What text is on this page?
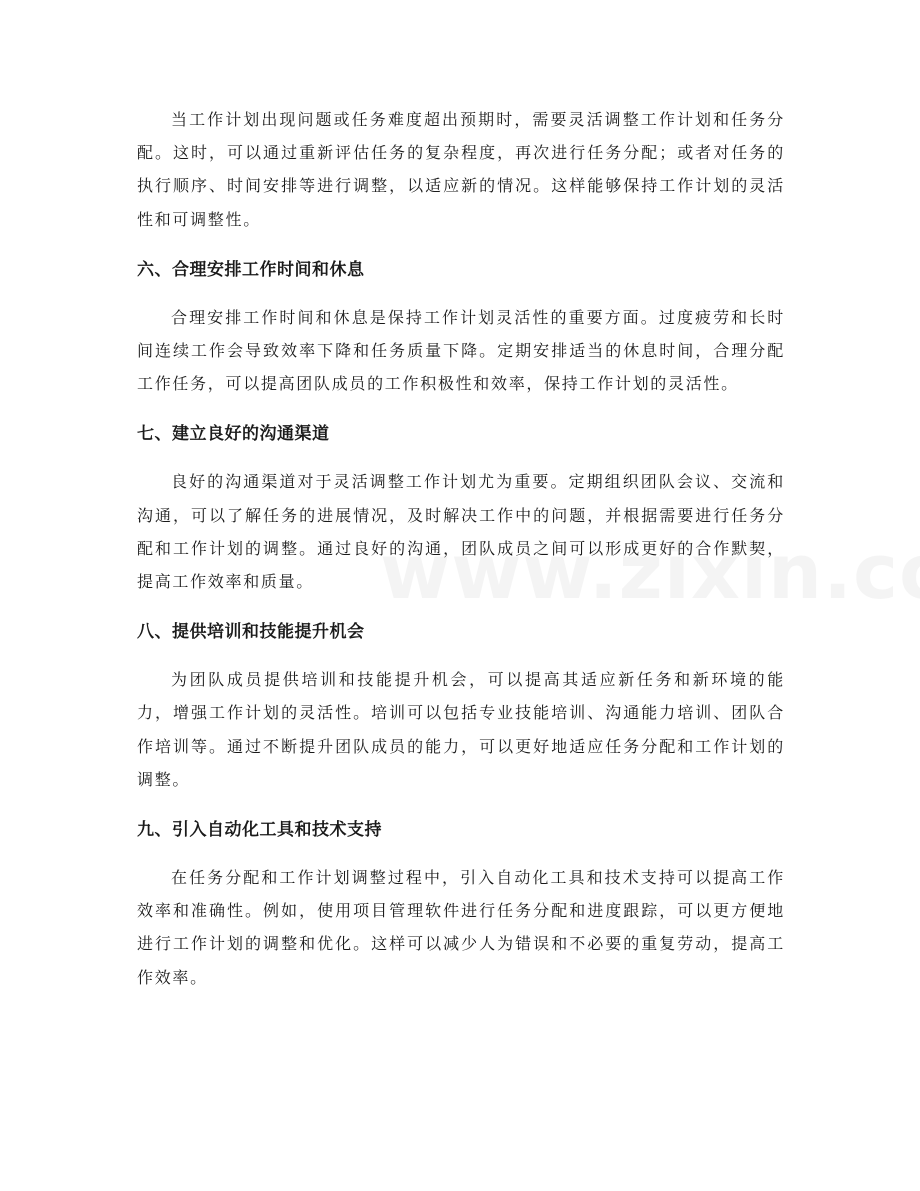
当工作计划出现问题或任务难度超出预期时，需要灵活调整工作计划和任务分配。这时，可以通过重新评估任务的复杂程度，再次进行任务分配；或者对任务的执行顺序、时间安排等进行调整，以适应新的情况。这样能够保持工作计划的灵活性和可调整性。

六、合理安排工作时间和休息

合理安排工作时间和休息是保持工作计划灵活性的重要方面。过度疲劳和长时间连续工作会导致效率下降和任务质量下降。定期安排适当的休息时间，合理分配工作任务，可以提高团队成员的工作积极性和效率，保持工作计划的灵活性。

七、建立良好的沟通渠道

良好的沟通渠道对于灵活调整工作计划尤为重要。定期组织团队会议、交流和沟通，可以了解任务的进展情况，及时解决工作中的问题，并根据需要进行任务分配和工作计划的调整。通过良好的沟通，团队成员之间可以形成更好的合作默契，提高工作效率和质量。

八、提供培训和技能提升机会

为团队成员提供培训和技能提升机会，可以提高其适应新任务和新环境的能力，增强工作计划的灵活性。培训可以包括专业技能培训、沟通能力培训、团队合作培训等。通过不断提升团队成员的能力，可以更好地适应任务分配和工作计划的调整。

九、引入自动化工具和技术支持

在任务分配和工作计划调整过程中，引入自动化工具和技术支持可以提高工作效率和准确性。例如，使用项目管理软件进行任务分配和进度跟踪，可以更方便地进行工作计划的调整和优化。这样可以减少人为错误和不必要的重复劳动，提高工作效率。
